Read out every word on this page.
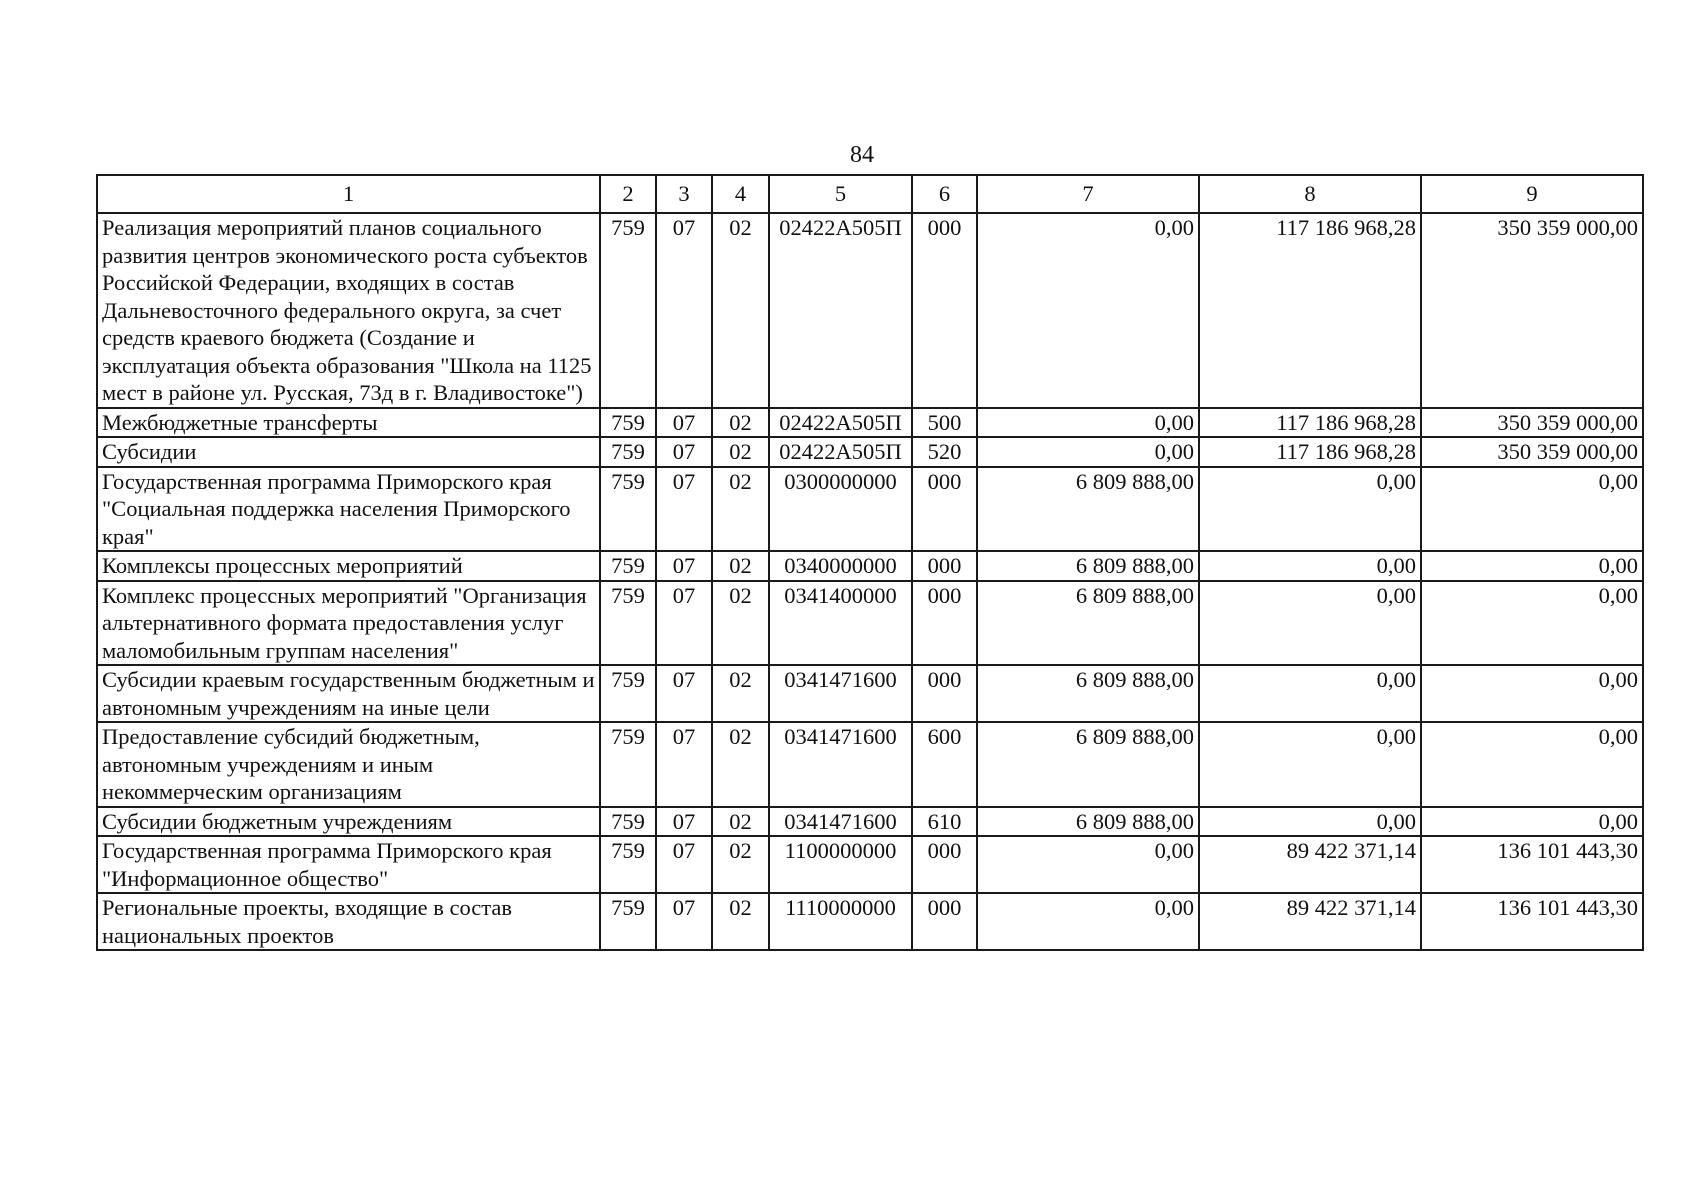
84
1	2	3	4	5	6	7	8	9
Реализация мероприятий планов социального развития центров экономического роста субъектов Российской Федерации, входящих в состав Дальневосточного федерального округа, за счет средств краевого бюджета (Создание и эксплуатация объекта образования "Школа на 1125 мест в районе ул. Русская, 73д в г. Владивостоке")	759	07	02	02422А505П	000	0,00	117 186 968,28	350 359 000,00
Межбюджетные трансферты	759	07	02	02422А505П	500	0,00	117 186 968,28	350 359 000,00
Субсидии	759	07	02	02422А505П	520	0,00	117 186 968,28	350 359 000,00
Государственная программа Приморского края "Социальная поддержка населения Приморского края"	759	07	02	0300000000	000	6 809 888,00	0,00	0,00
Комплексы процессных мероприятий	759	07	02	0340000000	000	6 809 888,00	0,00	0,00
Комплекс процессных мероприятий "Организация альтернативного формата предоставления услуг маломобильным группам населения"	759	07	02	0341400000	000	6 809 888,00	0,00	0,00
Субсидии краевым государственным бюджетным и автономным учреждениям на иные цели	759	07	02	0341471600	000	6 809 888,00	0,00	0,00
Предоставление субсидий бюджетным, автономным учреждениям и иным некоммерческим организациям	759	07	02	0341471600	600	6 809 888,00	0,00	0,00
Субсидии бюджетным учреждениям	759	07	02	0341471600	610	6 809 888,00	0,00	0,00
Государственная программа Приморского края "Информационное общество"	759	07	02	1100000000	000	0,00	89 422 371,14	136 101 443,30
Региональные проекты, входящие в состав национальных проектов	759	07	02	1110000000	000	0,00	89 422 371,14	136 101 443,30
